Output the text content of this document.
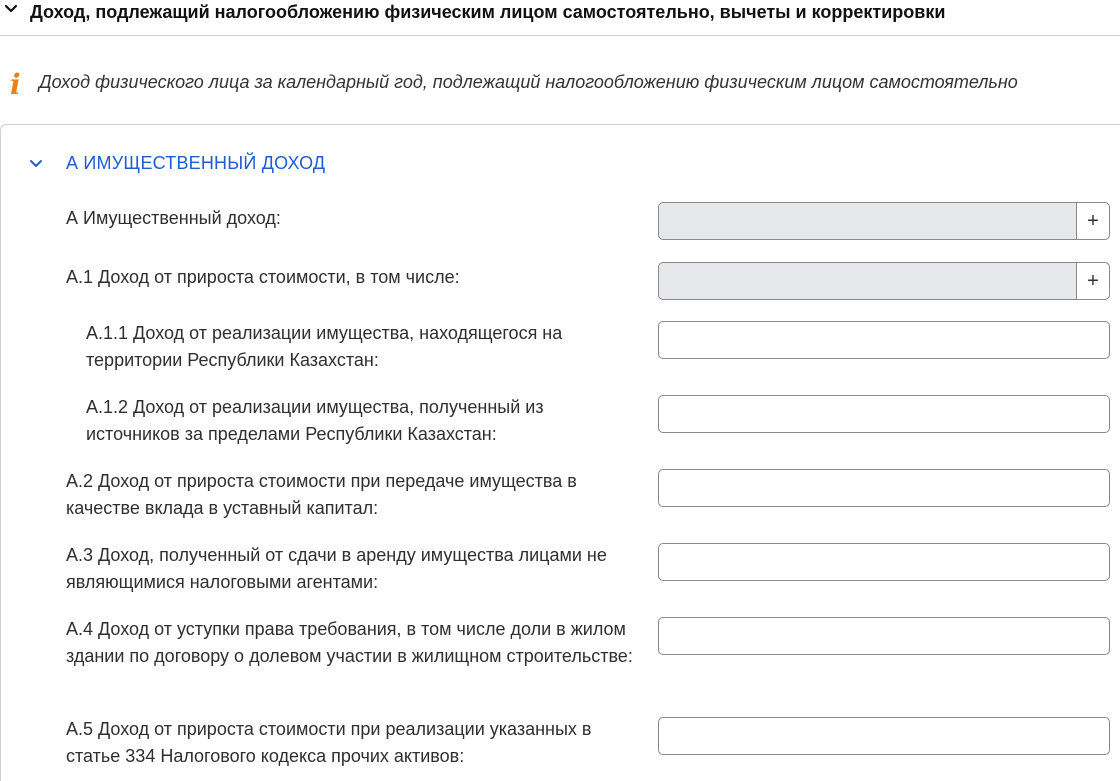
Доход, подлежащий налогообложению физическим лицом самостоятельно, вычеты и корректировки
i Доход физического лица за календарный год, подлежащий налогообложению физическим лицом самостоятельно
А ИМУЩЕСТВЕННЫЙ ДОХОД
А Имущественный доход:	+
А.1 Доход от прироста стоимости, в том числе:	+
А.1.1 Доход от реализации имущества, находящегося на территории Республики Казахстан:
А.1.2 Доход от реализации имущества, полученный из источников за пределами Республики Казахстан:
А.2 Доход от прироста стоимости при передаче имущества в качестве вклада в уставный капитал:
А.3 Доход, полученный от сдачи в аренду имущества лицами не являющимися налоговыми агентами:
А.4 Доход от уступки права требования, в том числе доли в жилом здании по договору о долевом участии в жилищном строительстве:
А.5 Доход от прироста стоимости при реализации указанных в статье 334 Налогового кодекса прочих активов:
